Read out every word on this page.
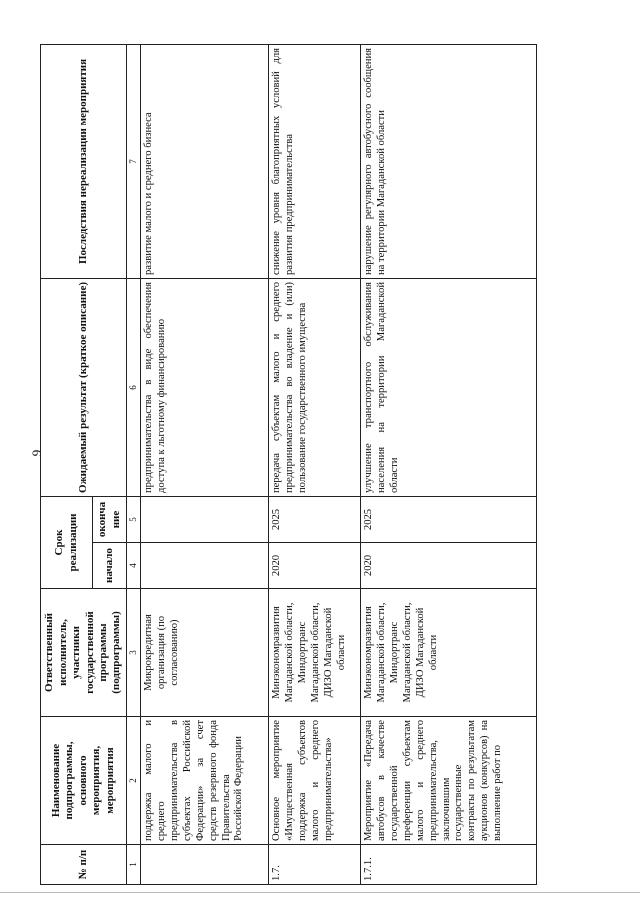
9
№ п/п	Наименование подпрограммы, основного мероприятия, мероприятия	Ответственный исполнитель, участники государственной программы (подпрограммы)	Срок реализации		Ожидаемый результат (краткое описание)	Последствия нереализации мероприятия
			начало	оконча ние		
1	2	3	4	5	6	7
	поддержка малого и среднего предпринимательства в субъектах Российской Федерации» за счет средств резервного фонда Правительства Российской Федерации	Микрокредитная организация (по согласованию)			предпринимательства в виде обеспечения доступа к льготному финансированию	развитие малого и среднего бизнеса
1.7.	Основное мероприятие «Имущественная поддержка субъектов малого и среднего предпринимательства»	Минэкономразвития Магаданской области, Миндортранс Магаданской области, ДИЗО Магаданской области	2020	2025	передача субъектам малого и среднего предпринимательства во владение и (или) пользование государственного имущества	снижение уровня благоприятных условий для развития предпринимательства
1.7.1.	Мероприятие «Передача автобусов в качестве государственной преференции субъектам малого и среднего предпринимательства, заключившим государственные контракты по результатам аукционов (конкурсов) на выполнение работ по	Минэкономразвития Магаданской области, Миндортранс Магаданской области, ДИЗО Магаданской области	2020	2025	улучшение транспортного обслуживания населения на территории Магаданской области	нарушение регулярного автобусного сообщения на территории Магаданской области
